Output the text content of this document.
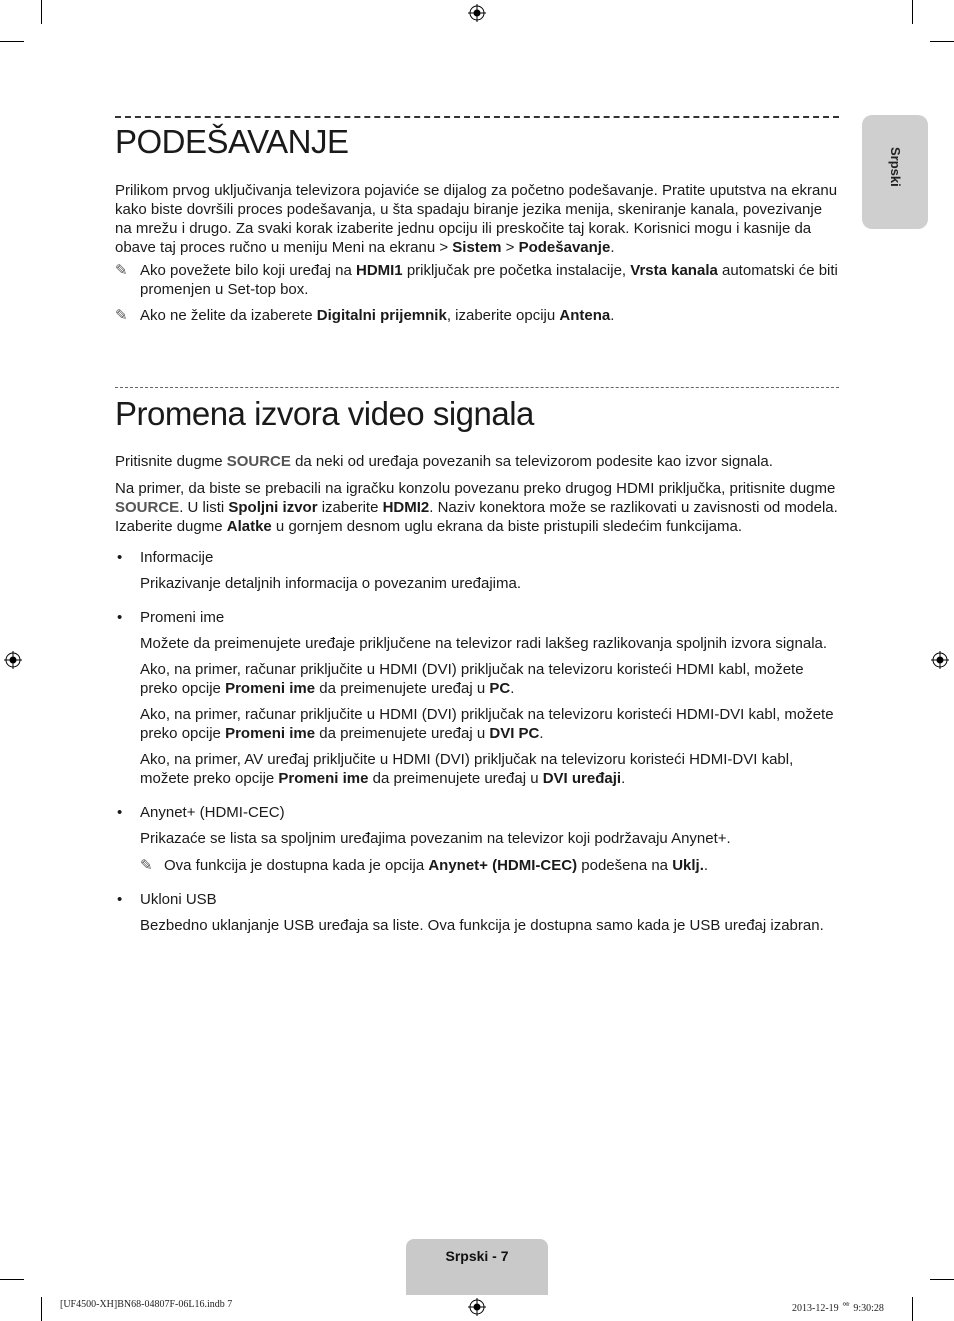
Srpski
PODEŠAVANJE

Prilikom prvog uključivanja televizora pojaviće se dijalog za početno podešavanje. Pratite uputstva na ekranu kako biste dovršili proces podešavanja, u šta spadaju biranje jezika menija, skeniranje kanala, povezivanje na mrežu i drugo. Za svaki korak izaberite jednu opciju ili preskočite taj korak. Korisnici mogu i kasnije da obave taj proces ručno u meniju Meni na ekranu > Sistem > Podešavanje.

✎ Ako povežete bilo koji uređaj na HDMI1 priključak pre početka instalacije, Vrsta kanala automatski će biti promenjen u Set-top box.

✎ Ako ne želite da izaberete Digitalni prijemnik, izaberite opciju Antena.

Promena izvora video signala

Pritisnite dugme SOURCE da neki od uređaja povezanih sa televizorom podesite kao izvor signala.

Na primer, da biste se prebacili na igračku konzolu povezanu preko drugog HDMI priključka, pritisnite dugme SOURCE. U listi Spoljni izvor izaberite HDMI2. Naziv konektora može se razlikovati u zavisnosti od modela. Izaberite dugme Alatke u gornjem desnom uglu ekrana da biste pristupili sledećim funkcijama.

• Informacije

Prikazivanje detaljnih informacija o povezanim uređajima.

• Promeni ime

Možete da preimenujete uređaje priključene na televizor radi lakšeg razlikovanja spoljnih izvora signala.

Ako, na primer, računar priključite u HDMI (DVI) priključak na televizoru koristeći HDMI kabl, možete preko opcije Promeni ime da preimenujete uređaj u PC.

Ako, na primer, računar priključite u HDMI (DVI) priključak na televizoru koristeći HDMI-DVI kabl, možete preko opcije Promeni ime da preimenujete uređaj u DVI PC.

Ako, na primer, AV uređaj priključite u HDMI (DVI) priključak na televizoru koristeći HDMI-DVI kabl, možete preko opcije Promeni ime da preimenujete uređaj u DVI uređaji.

• Anynet+ (HDMI-CEC)

Prikazaće se lista sa spoljnim uređajima povezanim na televizor koji podržavaju Anynet+.

✎ Ova funkcija je dostupna kada je opcija Anynet+ (HDMI-CEC) podešena na Uklj..

• Ukloni USB

Bezbedno uklanjanje USB uređaja sa liste. Ova funkcija je dostupna samo kada je USB uređaj izabran.

Srpski - 7
[UF4500-XH]BN68-04807F-06L16.indb 7	2013-12-19 ᄋᄒ 9:30:28
